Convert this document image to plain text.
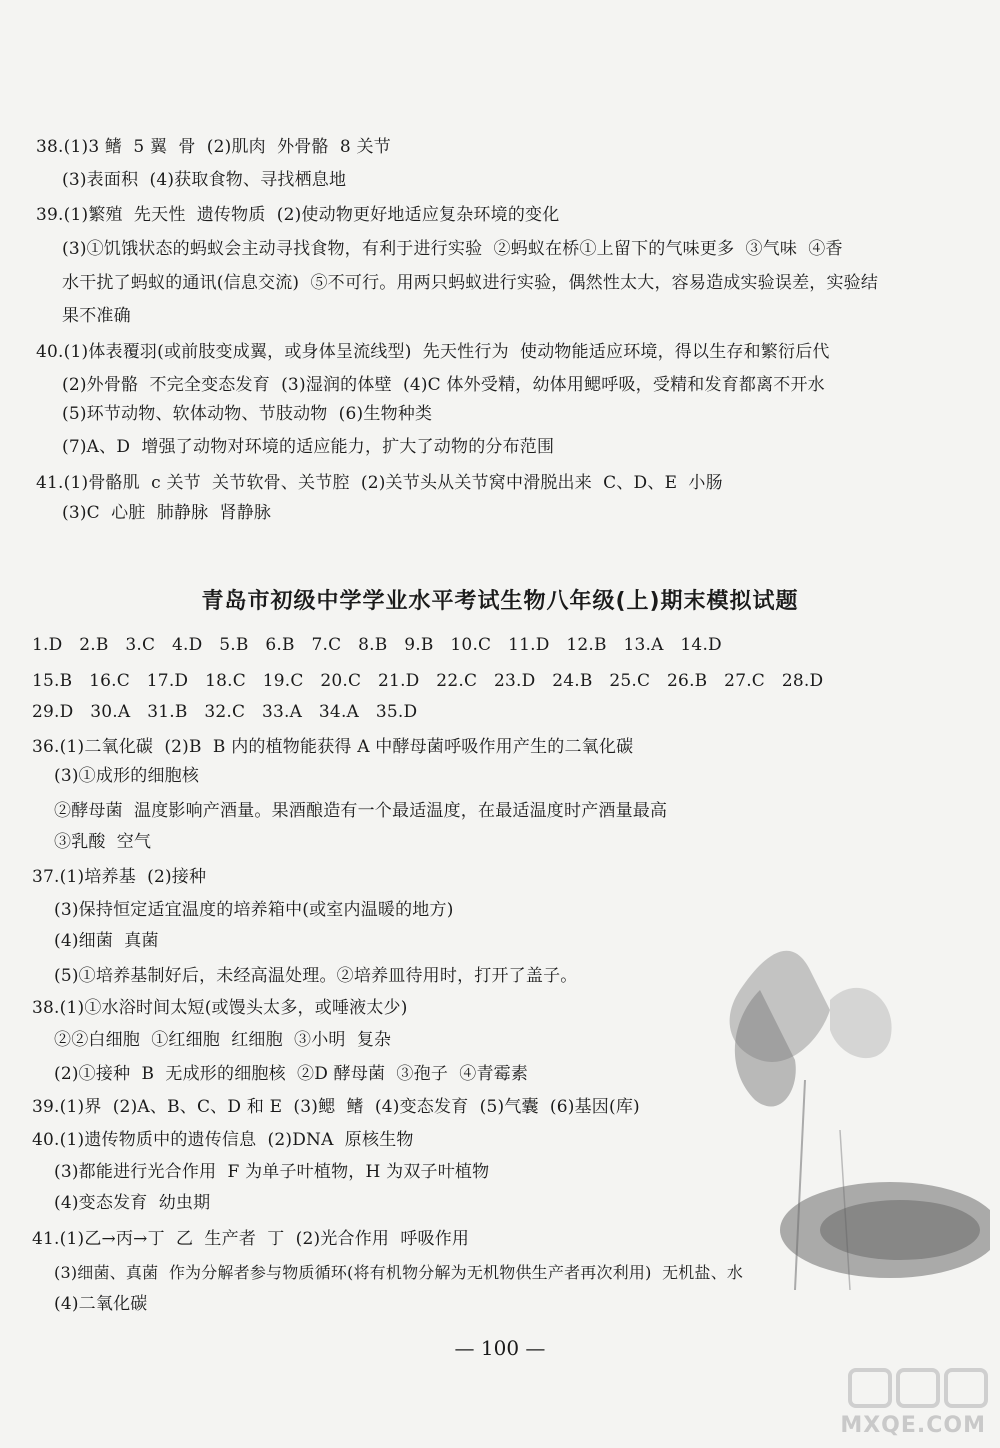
38.(1)3 鳍  5 翼  骨  (2)肌肉  外骨骼  8 关节
(3)表面积  (4)获取食物、寻找栖息地
39.(1)繁殖  先天性  遗传物质  (2)使动物更好地适应复杂环境的变化
(3)①饥饿状态的蚂蚁会主动寻找食物，有利于进行实验  ②蚂蚁在桥①上留下的气味更多  ③气味  ④香
水干扰了蚂蚁的通讯(信息交流)  ⑤不可行。用两只蚂蚁进行实验，偶然性太大，容易造成实验误差，实验结
果不准确
40.(1)体表覆羽(或前肢变成翼，或身体呈流线型)  先天性行为  使动物能适应环境，得以生存和繁衍后代
(2)外骨骼  不完全变态发育  (3)湿润的体壁  (4)C 体外受精，幼体用鳃呼吸，受精和发育都离不开水
(5)环节动物、软体动物、节肢动物  (6)生物种类
(7)A、D  增强了动物对环境的适应能力，扩大了动物的分布范围
41.(1)骨骼肌  c 关节  关节软骨、关节腔  (2)关节头从关节窝中滑脱出来  C、D、E  小肠
(3)C  心脏  肺静脉  肾静脉
青岛市初级中学学业水平考试生物八年级(上)期末模拟试题
1.D   2.B   3.C   4.D   5.B   6.B   7.C   8.B   9.B   10.C   11.D   12.B   13.A   14.D
15.B   16.C   17.D   18.C   19.C   20.C   21.D   22.C   23.D   24.B   25.C   26.B   27.C   28.D
29.D   30.A   31.B   32.C   33.A   34.A   35.D
36.(1)二氧化碳  (2)B  B 内的植物能获得 A 中酵母菌呼吸作用产生的二氧化碳
(3)①成形的细胞核
②酵母菌  温度影响产酒量。果酒酿造有一个最适温度，在最适温度时产酒量最高
③乳酸  空气
37.(1)培养基  (2)接种
(3)保持恒定适宜温度的培养箱中(或室内温暖的地方)
(4)细菌  真菌
(5)①培养基制好后，未经高温处理。②培养皿待用时，打开了盖子。
38.(1)①水浴时间太短(或馒头太多，或唾液太少)
②②白细胞  ①红细胞  红细胞  ③小明  复杂
(2)①接种  B  无成形的细胞核  ②D 酵母菌  ③孢子  ④青霉素
39.(1)界  (2)A、B、C、D 和 E  (3)鳃  鳍  (4)变态发育  (5)气囊  (6)基因(库)
40.(1)遗传物质中的遗传信息  (2)DNA  原核生物
(3)都能进行光合作用  F 为单子叶植物，H 为双子叶植物
(4)变态发育  幼虫期
41.(1)乙→丙→丁  乙  生产者  丁  (2)光合作用  呼吸作用
(3)细菌、真菌  作为分解者参与物质循环(将有机物分解为无机物供生产者再次利用)  无机盐、水
(4)二氧化碳
— 100 —
MXQE.COM
